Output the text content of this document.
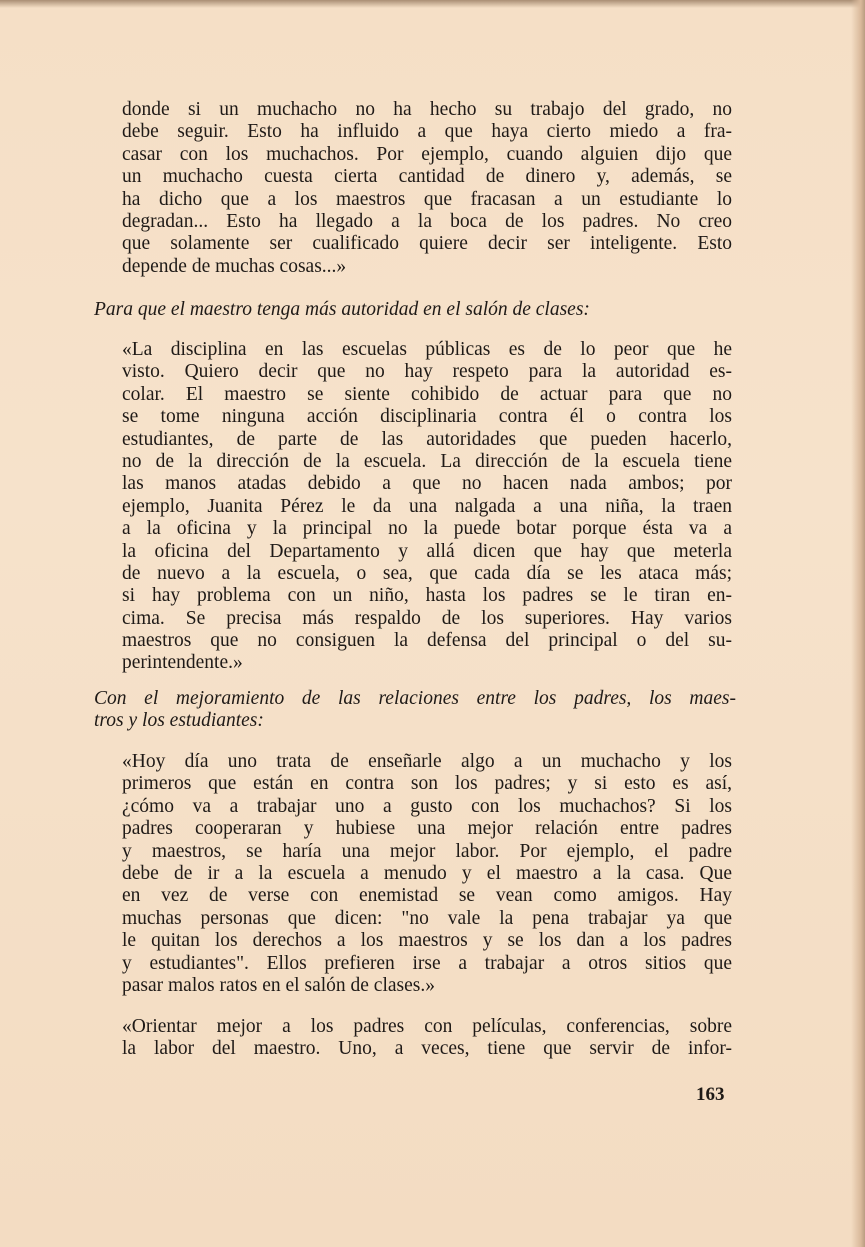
donde si un muchacho no ha hecho su trabajo del grado, no
debe seguir. Esto ha influido a que haya cierto miedo a fra-
casar con los muchachos. Por ejemplo, cuando alguien dijo que
un muchacho cuesta cierta cantidad de dinero y, además, se
ha dicho que a los maestros que fracasan a un estudiante lo
degradan... Esto ha llegado a la boca de los padres. No creo
que solamente ser cualificado quiere decir ser inteligente. Esto
depende de muchas cosas...»
Para que el maestro tenga más autoridad en el salón de clases:
«La disciplina en las escuelas públicas es de lo peor que he
visto. Quiero decir que no hay respeto para la autoridad es-
colar. El maestro se siente cohibido de actuar para que no
se tome ninguna acción disciplinaria contra él o contra los
estudiantes, de parte de las autoridades que pueden hacerlo,
no de la dirección de la escuela. La dirección de la escuela tiene
las manos atadas debido a que no hacen nada ambos; por
ejemplo, Juanita Pérez le da una nalgada a una niña, la traen
a la oficina y la principal no la puede botar porque ésta va a
la oficina del Departamento y allá dicen que hay que meterla
de nuevo a la escuela, o sea, que cada día se les ataca más;
si hay problema con un niño, hasta los padres se le tiran en-
cima. Se precisa más respaldo de los superiores. Hay varios
maestros que no consiguen la defensa del principal o del su-
perintendente.»
Con el mejoramiento de las relaciones entre los padres, los maes-
tros y los estudiantes:
«Hoy día uno trata de enseñarle algo a un muchacho y los
primeros que están en contra son los padres; y si esto es así,
¿cómo va a trabajar uno a gusto con los muchachos? Si los
padres cooperaran y hubiese una mejor relación entre padres
y maestros, se haría una mejor labor. Por ejemplo, el padre
debe de ir a la escuela a menudo y el maestro a la casa. Que
en vez de verse con enemistad se vean como amigos. Hay
muchas personas que dicen: "no vale la pena trabajar ya que
le quitan los derechos a los maestros y se los dan a los padres
y estudiantes". Ellos prefieren irse a trabajar a otros sitios que
pasar malos ratos en el salón de clases.»
«Orientar mejor a los padres con películas, conferencias, sobre
la labor del maestro. Uno, a veces, tiene que servir de infor-
163
